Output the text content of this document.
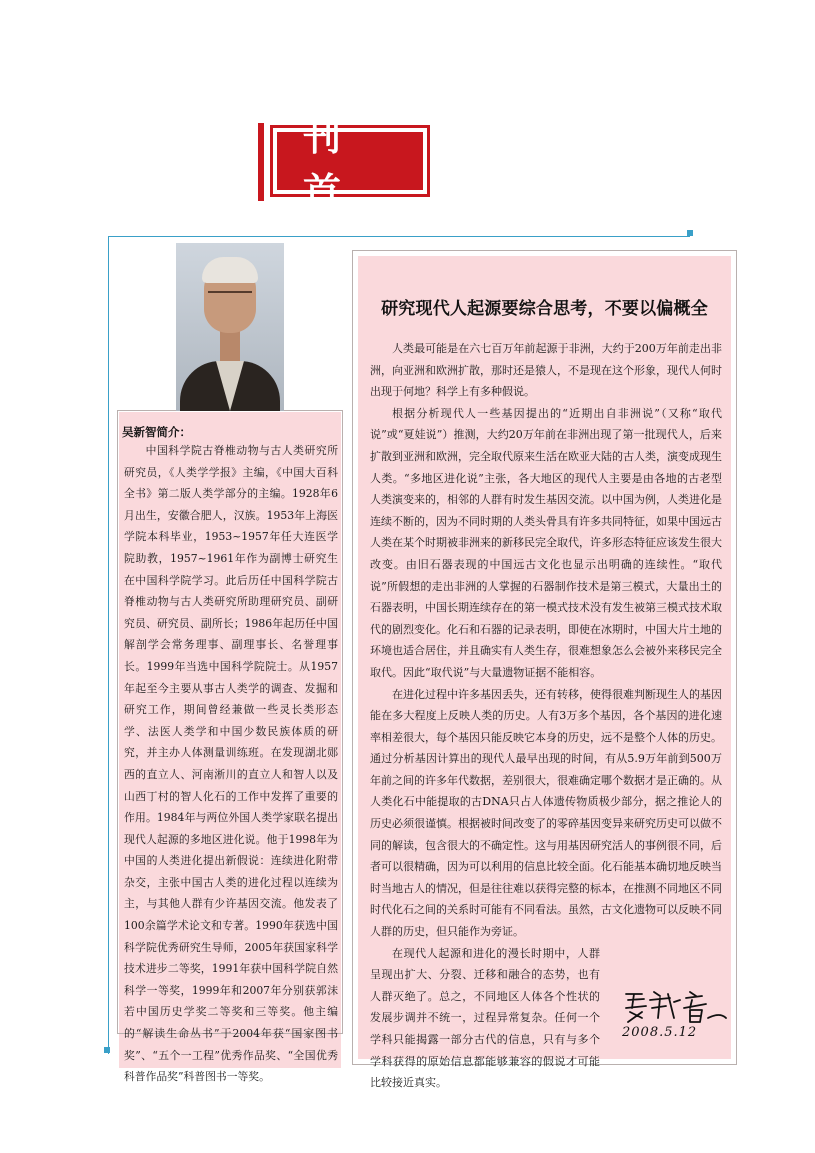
刊首
吴新智简介：

中国科学院古脊椎动物与古人类研究所研究员，《人类学学报》主编，《中国大百科全书》第二版人类学部分的主编。1928年6月出生，安徽合肥人，汉族。1953年上海医学院本科毕业，1953~1957年任大连医学院助教，1957~1961年作为副博士研究生在中国科学院学习。此后历任中国科学院古脊椎动物与古人类研究所助理研究员、副研究员、研究员、副所长；1986年起历任中国解剖学会常务理事、副理事长、名誉理事长。1999年当选中国科学院院士。从1957年起至今主要从事古人类学的调查、发掘和研究工作，期间曾经兼做一些灵长类形态学、法医人类学和中国少数民族体质的研究，并主办人体测量训练班。在发现湖北郧西的直立人、河南淅川的直立人和智人以及山西丁村的智人化石的工作中发挥了重要的作用。1984年与两位外国人类学家联名提出现代人起源的多地区进化说。他于1998年为中国的人类进化提出新假说：连续进化附带杂交，主张中国古人类的进化过程以连续为主，与其他人群有少许基因交流。他发表了100余篇学术论文和专著。1990年获选中国科学院优秀研究生导师，2005年获国家科学技术进步二等奖，1991年获中国科学院自然科学一等奖，1999年和2007年分别获郭沫若中国历史学奖二等奖和三等奖。他主编的“解读生命丛书”于2004年获“国家图书奖”、“五个一工程”优秀作品奖、“全国优秀科普作品奖”科普图书一等奖。

研究现代人起源要综合思考，不要以偏概全

人类最可能是在六七百万年前起源于非洲，大约于200万年前走出非洲，向亚洲和欧洲扩散，那时还是猿人，不是现在这个形象，现代人何时出现于何地？科学上有多种假说。

根据分析现代人一些基因提出的“近期出自非洲说”（又称“取代说”或“夏娃说”）推测，大约20万年前在非洲出现了第一批现代人，后来扩散到亚洲和欧洲，完全取代原来生活在欧亚大陆的古人类，演变成现生人类。“多地区进化说”主张，各大地区的现代人主要是由各地的古老型人类演变来的，相邻的人群有时发生基因交流。以中国为例，人类进化是连续不断的，因为不同时期的人类头骨具有许多共同特征，如果中国远古人类在某个时期被非洲来的新移民完全取代，许多形态特征应该发生很大改变。由旧石器表现的中国远古文化也显示出明确的连续性。“取代说”所假想的走出非洲的人掌握的石器制作技术是第三模式，大量出土的石器表明，中国长期连续存在的第一模式技术没有发生被第三模式技术取代的剧烈变化。化石和石器的记录表明，即使在冰期时，中国大片土地的环境也适合居住，并且确实有人类生存，很难想象怎么会被外来移民完全取代。因此“取代说”与大量遗物证据不能相容。

在进化过程中许多基因丢失，还有转移，使得很难判断现生人的基因能在多大程度上反映人类的历史。人有3万多个基因，各个基因的进化速率相差很大，每个基因只能反映它本身的历史，远不是整个人体的历史。通过分析基因计算出的现代人最早出现的时间，有从5.9万年前到500万年前之间的许多年代数据，差别很大，很难确定哪个数据才是正确的。从人类化石中能提取的古DNA只占人体遗传物质极少部分，据之推论人的历史必须很谨慎。根据被时间改变了的零碎基因变异来研究历史可以做不同的解读，包含很大的不确定性。这与用基因研究活人的事例很不同，后者可以很精确，因为可以利用的信息比较全面。化石能基本确切地反映当时当地古人的情况，但是往往难以获得完整的标本，在推测不同地区不同时代化石之间的关系时可能有不同看法。虽然，古文化遗物可以反映不同人群的历史，但只能作为旁证。

在现代人起源和进化的漫长时期中，人群呈现出扩大、分裂、迁移和融合的态势，也有人群灭绝了。总之，不同地区人体各个性状的发展步调并不统一，过程异常复杂。任何一个学科只能揭露一部分古代的信息，只有与多个学科获得的原始信息都能够兼容的假说才可能比较接近真实。

2008.5.12
